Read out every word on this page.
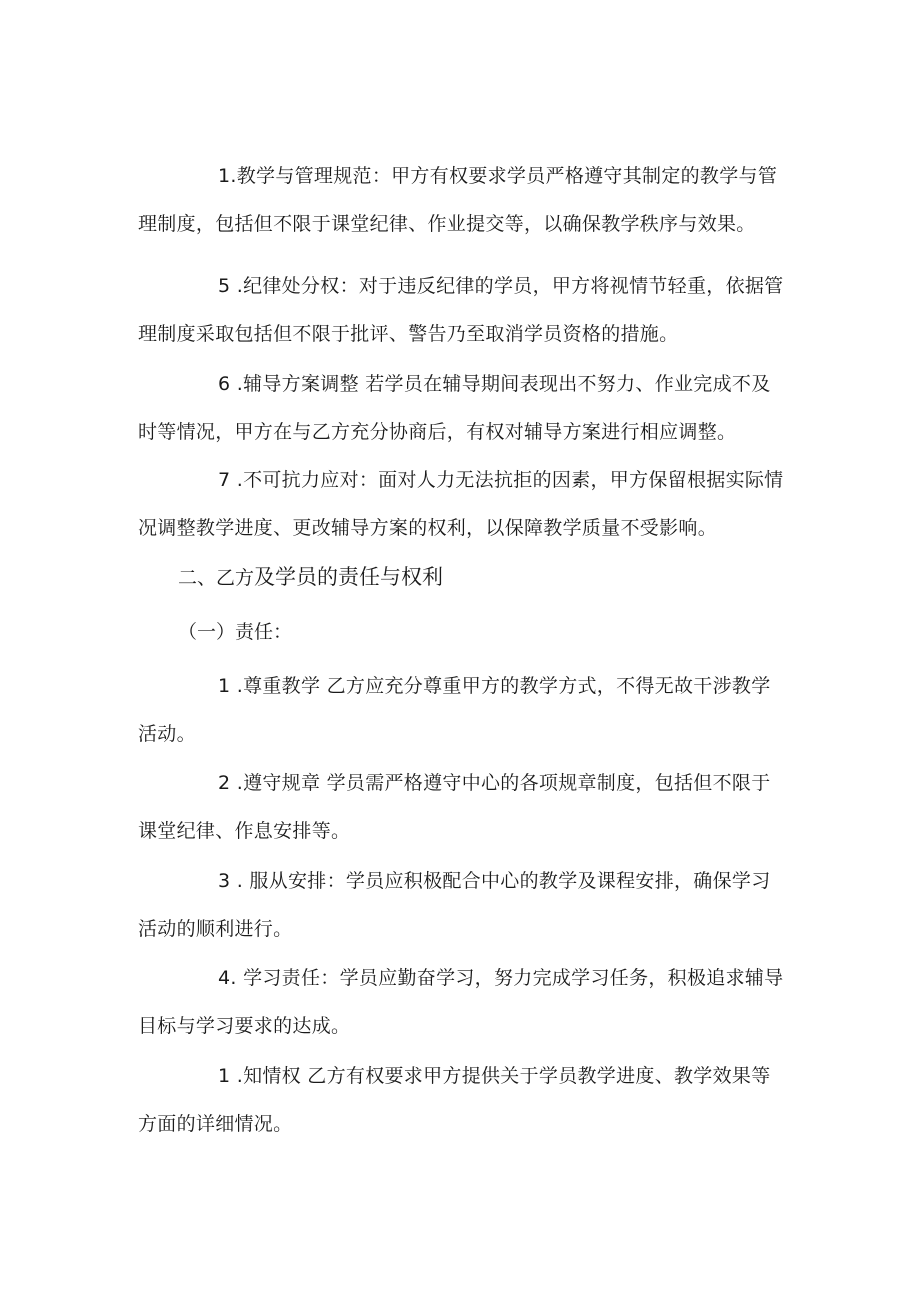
1.教学与管理规范：甲方有权要求学员严格遵守其制定的教学与管理制度，包括但不限于课堂纪律、作业提交等，以确保教学秩序与效果。

5 .纪律处分权：对于违反纪律的学员，甲方将视情节轻重，依据管理制度采取包括但不限于批评、警告乃至取消学员资格的措施。

6 .辅导方案调整 若学员在辅导期间表现出不努力、作业完成不及时等情况，甲方在与乙方充分协商后，有权对辅导方案进行相应调整。

7 .不可抗力应对：面对人力无法抗拒的因素，甲方保留根据实际情况调整教学进度、更改辅导方案的权利，以保障教学质量不受影响。

二、乙方及学员的责任与权利

（一）责任：

1 .尊重教学 乙方应充分尊重甲方的教学方式，不得无故干涉教学活动。

2 .遵守规章 学员需严格遵守中心的各项规章制度，包括但不限于课堂纪律、作息安排等。

3 . 服从安排：学员应积极配合中心的教学及课程安排，确保学习活动的顺利进行。

4. 学习责任：学员应勤奋学习，努力完成学习任务，积极追求辅导目标与学习要求的达成。

1 .知情权 乙方有权要求甲方提供关于学员教学进度、教学效果等方面的详细情况。
